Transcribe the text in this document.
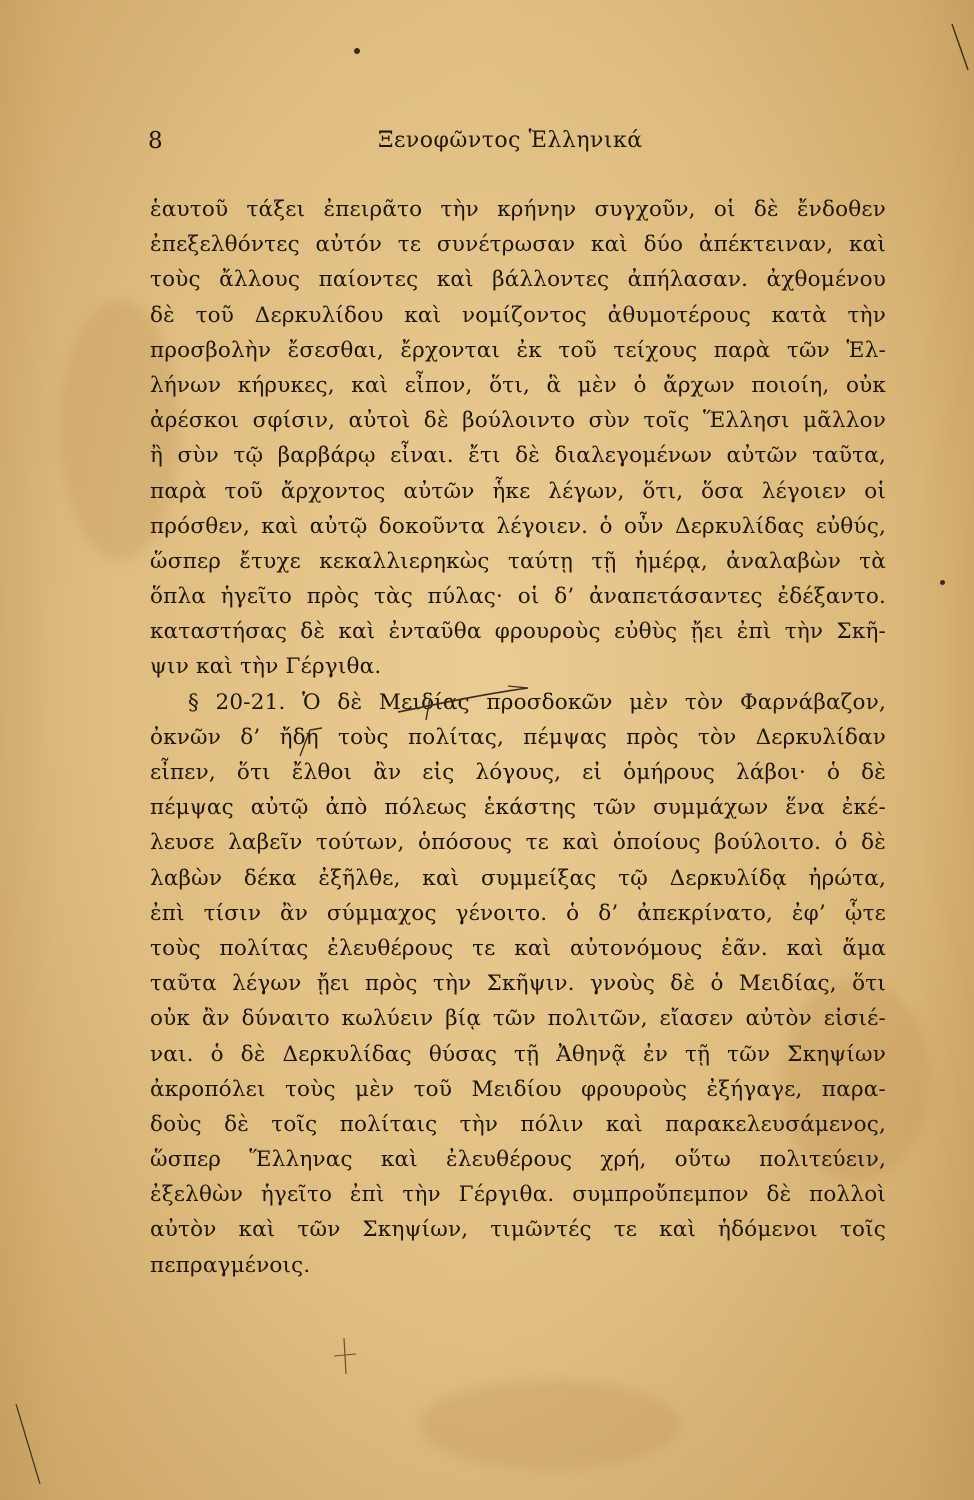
8	Ξενοφῶντος Ἑλληνικά
ἑαυτοῦ τάξει ἐπειρᾶτο τὴν κρήνην συγχοῦν, οἱ δὲ ἔνδοθεν
ἐπεξελθόντες αὐτόν τε συνέτρωσαν καὶ δύο ἀπέκτειναν, καὶ
τοὺς ἄλλους παίοντες καὶ βάλλοντες ἀπήλασαν. ἀχθομένου
δὲ τοῦ Δερκυλίδου καὶ νομίζοντος ἀθυμοτέρους κατὰ τὴν
προσβολὴν ἔσεσθαι, ἔρχονται ἐκ τοῦ τείχους παρὰ τῶν Ἑλ-
λήνων κήρυκες, καὶ εἶπον, ὅτι, ἃ μὲν ὁ ἄρχων ποιοίη, οὐκ
ἀρέσκοι σφίσιν, αὐτοὶ δὲ βούλοιντο σὺν τοῖς Ἕλλησι μᾶλλον
ἢ σὺν τῷ βαρβάρῳ εἶναι. ἔτι δὲ διαλεγομένων αὐτῶν ταῦτα,
παρὰ τοῦ ἄρχοντος αὐτῶν ἧκε λέγων, ὅτι, ὅσα λέγοιεν οἱ
πρόσθεν, καὶ αὐτῷ δοκοῦντα λέγοιεν. ὁ οὖν Δερκυλίδας εὐθύς,
ὥσπερ ἔτυχε κεκαλλιερηκὼς ταύτῃ τῇ ἡμέρᾳ, ἀναλαβὼν τὰ
ὅπλα ἡγεῖτο πρὸς τὰς πύλας· οἱ δ’ ἀναπετάσαντες ἐδέξαντο.
καταστήσας δὲ καὶ ἐνταῦθα φρουροὺς εὐθὺς ᾔει ἐπὶ τὴν Σκῆ-
ψιν καὶ τὴν Γέργιθα.
§ 20-21. Ὁ δὲ Μειδίας προσδοκῶν μὲν τὸν Φαρνάβαζον,
ὀκνῶν δ’ ἤδη τοὺς πολίτας, πέμψας πρὸς τὸν Δερκυλίδαν
εἶπεν, ὅτι ἔλθοι ἂν εἰς λόγους, εἰ ὁμήρους λάβοι· ὁ δὲ
πέμψας αὐτῷ ἀπὸ πόλεως ἑκάστης τῶν συμμάχων ἕνα ἐκέ-
λευσε λαβεῖν τούτων, ὁπόσους τε καὶ ὁποίους βούλοιτο. ὁ δὲ
λαβὼν δέκα ἐξῆλθε, καὶ συμμείξας τῷ Δερκυλίδᾳ ἠρώτα,
ἐπὶ τίσιν ἂν σύμμαχος γένοιτο. ὁ δ’ ἀπεκρίνατο, ἐφ’ ᾧτε
τοὺς πολίτας ἐλευθέρους τε καὶ αὐτονόμους ἐᾶν. καὶ ἅμα
ταῦτα λέγων ᾔει πρὸς τὴν Σκῆψιν. γνοὺς δὲ ὁ Μειδίας, ὅτι
οὐκ ἂν δύναιτο κωλύειν βίᾳ τῶν πολιτῶν, εἴασεν αὐτὸν εἰσιέ-
ναι. ὁ δὲ Δερκυλίδας θύσας τῇ Ἀθηνᾷ ἐν τῇ τῶν Σκηψίων
ἀκροπόλει τοὺς μὲν τοῦ Μειδίου φρουροὺς ἐξήγαγε, παρα-
δοὺς δὲ τοῖς πολίταις τὴν πόλιν καὶ παρακελευσάμενος,
ὥσπερ Ἕλληνας καὶ ἐλευθέρους χρή, οὕτω πολιτεύειν,
ἐξελθὼν ἡγεῖτο ἐπὶ τὴν Γέργιθα. συμπροὔπεμπον δὲ πολλοὶ
αὐτὸν καὶ τῶν Σκηψίων, τιμῶντές τε καὶ ἡδόμενοι τοῖς
πεπραγμένοις.
